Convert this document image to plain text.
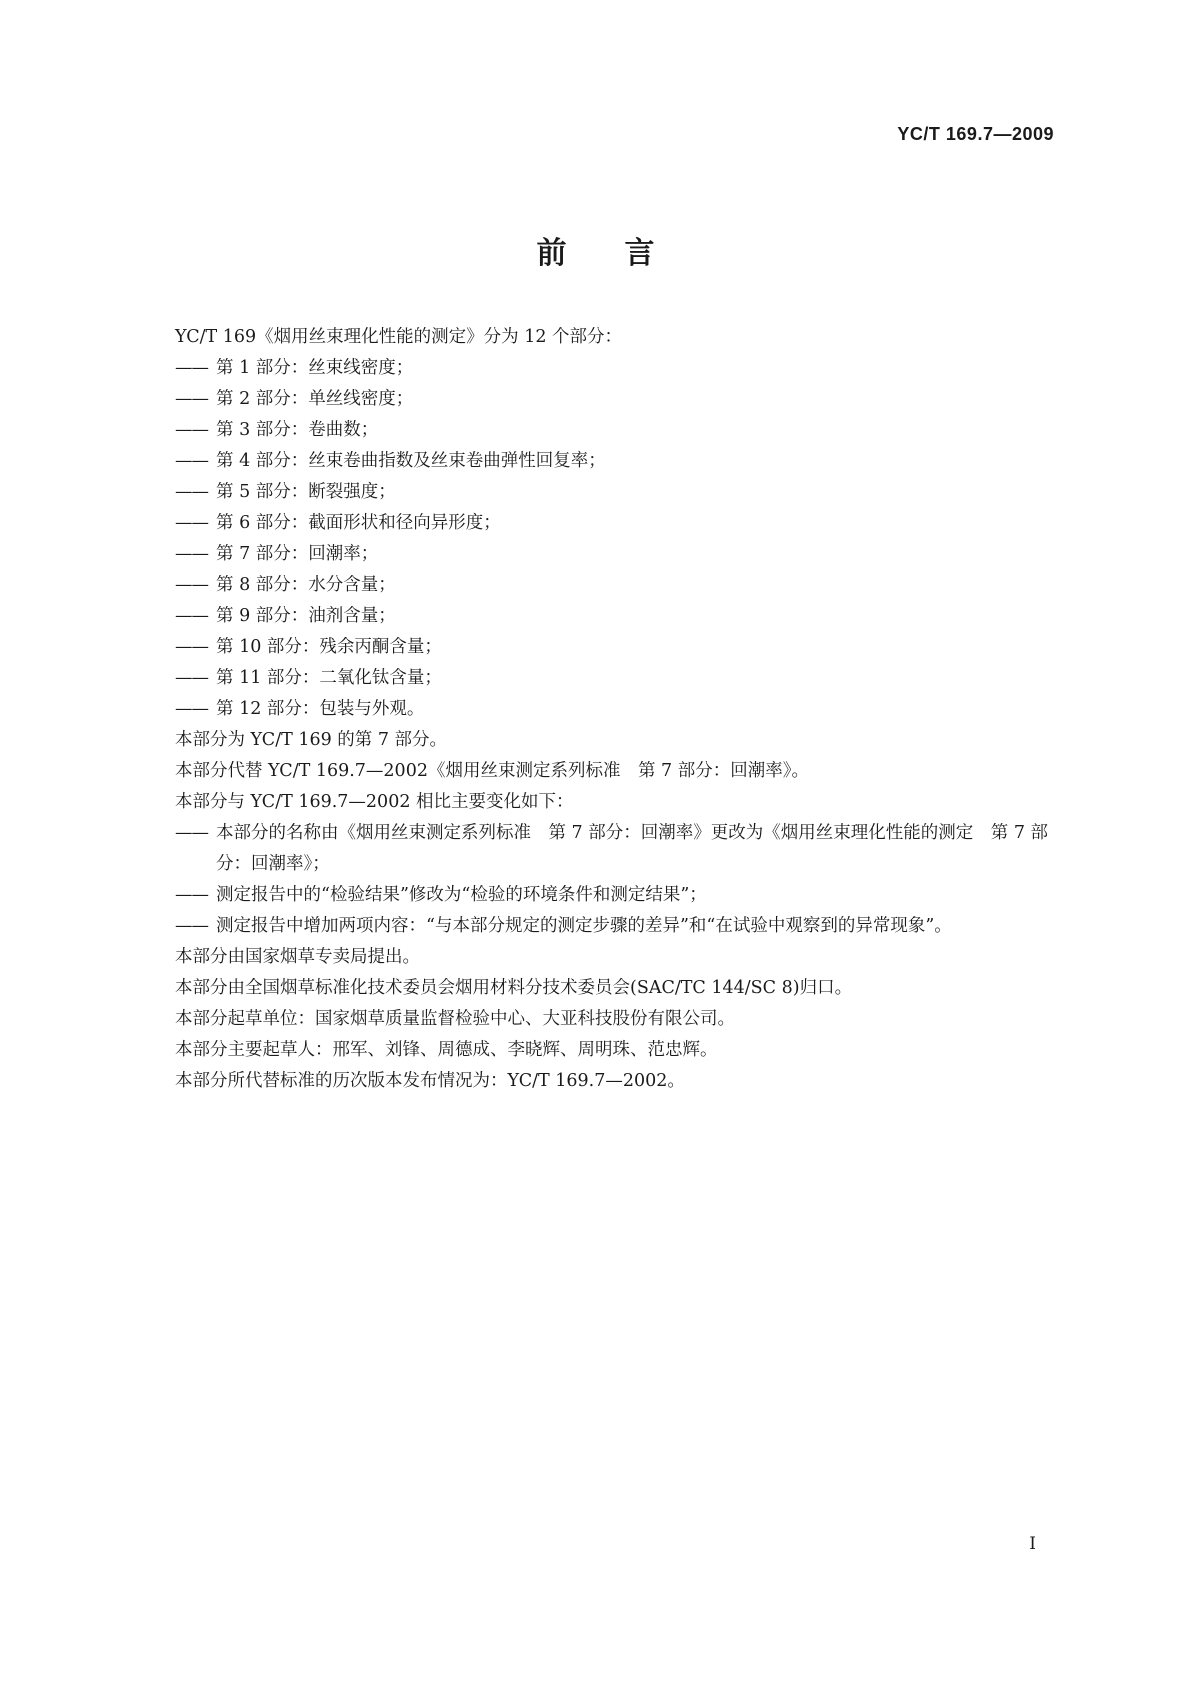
YC/T 169.7—2009
前 言
YC/T 169《烟用丝束理化性能的测定》分为 12 个部分：
—— 第 1 部分：丝束线密度；
—— 第 2 部分：单丝线密度；
—— 第 3 部分：卷曲数；
—— 第 4 部分：丝束卷曲指数及丝束卷曲弹性回复率；
—— 第 5 部分：断裂强度；
—— 第 6 部分：截面形状和径向异形度；
—— 第 7 部分：回潮率；
—— 第 8 部分：水分含量；
—— 第 9 部分：油剂含量；
—— 第 10 部分：残余丙酮含量；
—— 第 11 部分：二氧化钛含量；
—— 第 12 部分：包装与外观。
本部分为 YC/T 169 的第 7 部分。
本部分代替 YC/T 169.7—2002《烟用丝束测定系列标准　第 7 部分：回潮率》。
本部分与 YC/T 169.7—2002 相比主要变化如下：
—— 本部分的名称由《烟用丝束测定系列标准　第 7 部分：回潮率》更改为《烟用丝束理化性能的测定　第 7 部分：回潮率》；
—— 测定报告中的“检验结果”修改为“检验的环境条件和测定结果”；
—— 测定报告中增加两项内容：“与本部分规定的测定步骤的差异”和“在试验中观察到的异常现象”。
本部分由国家烟草专卖局提出。
本部分由全国烟草标准化技术委员会烟用材料分技术委员会(SAC/TC 144/SC 8)归口。
本部分起草单位：国家烟草质量监督检验中心、大亚科技股份有限公司。
本部分主要起草人：邢军、刘锋、周德成、李晓辉、周明珠、范忠辉。
本部分所代替标准的历次版本发布情况为：YC/T 169.7—2002。
I
